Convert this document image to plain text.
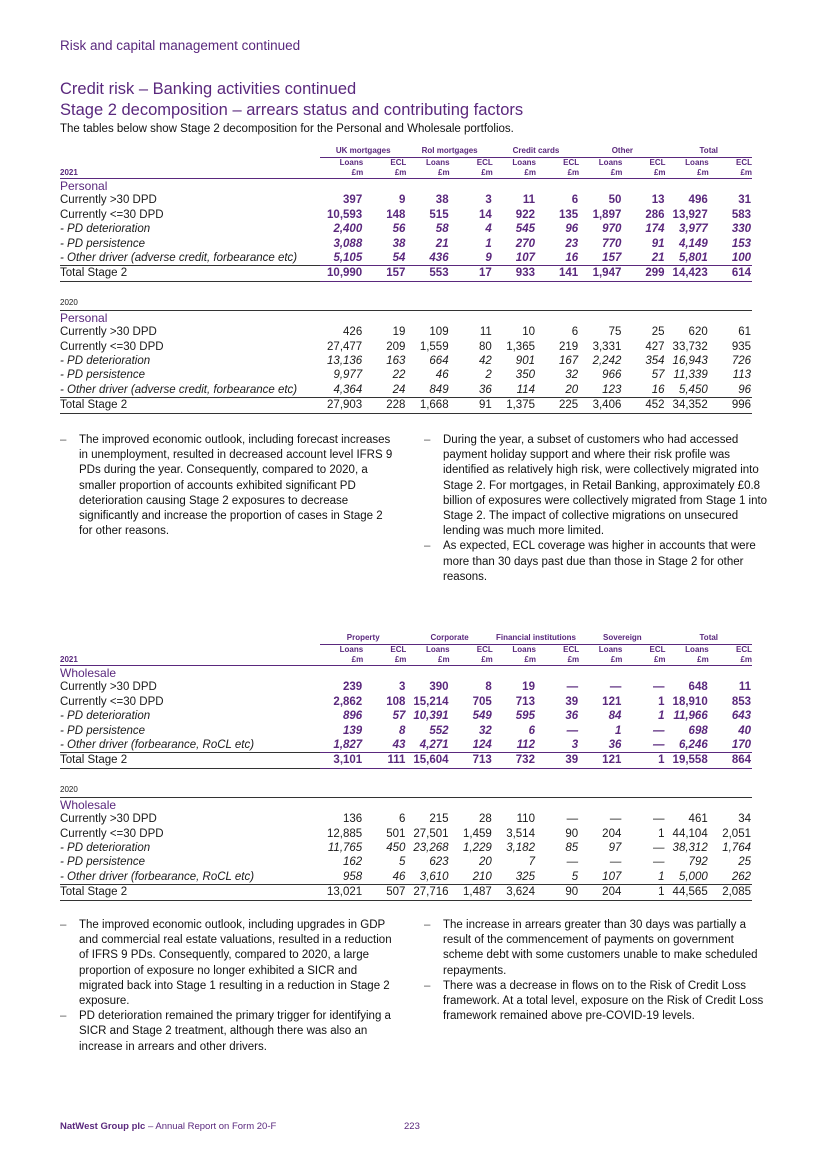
Risk and capital management continued
Credit risk – Banking activities continued
Stage 2 decomposition – arrears status and contributing factors
The tables below show Stage 2 decomposition for the Personal and Wholesale portfolios.
	UK mortgages		RoI mortgages		Credit cards		Other		Total	
	Loans	ECL	Loans	ECL	Loans	ECL	Loans	ECL	Loans	ECL
2021	£m	£m	£m	£m	£m	£m	£m	£m	£m	£m
Personal										
Currently >30 DPD	397	9	38	3	11	6	50	13	496	31
Currently <=30 DPD	10,593	148	515	14	922	135	1,897	286	13,927	583
- PD deterioration	2,400	56	58	4	545	96	970	174	3,977	330
- PD persistence	3,088	38	21	1	270	23	770	91	4,149	153
- Other driver (adverse credit, forbearance etc)	5,105	54	436	9	107	16	157	21	5,801	100
Total Stage 2	10,990	157	553	17	933	141	1,947	299	14,423	614

2020										
Personal										
Currently >30 DPD	426	19	109	11	10	6	75	25	620	61
Currently <=30 DPD	27,477	209	1,559	80	1,365	219	3,331	427	33,732	935
- PD deterioration	13,136	163	664	42	901	167	2,242	354	16,943	726
- PD persistence	9,977	22	46	2	350	32	966	57	11,339	113
- Other driver (adverse credit, forbearance etc)	4,364	24	849	36	114	20	123	16	5,450	96
Total Stage 2	27,903	228	1,668	91	1,375	225	3,406	452	34,352	996
– The improved economic outlook, including forecast increases in unemployment, resulted in decreased account level IFRS 9 PDs during the year. Consequently, compared to 2020, a smaller proportion of accounts exhibited significant PD deterioration causing Stage 2 exposures to decrease significantly and increase the proportion of cases in Stage 2 for other reasons.
– During the year, a subset of customers who had accessed payment holiday support and where their risk profile was identified as relatively high risk, were collectively migrated into Stage 2. For mortgages, in Retail Banking, approximately £0.8 billion of exposures were collectively migrated from Stage 1 into Stage 2. The impact of collective migrations on unsecured lending was much more limited.
– As expected, ECL coverage was higher in accounts that were more than 30 days past due than those in Stage 2 for other reasons.
	Property		Corporate		Financial institutions		Sovereign		Total	
	Loans	ECL	Loans	ECL	Loans	ECL	Loans	ECL	Loans	ECL
2021	£m	£m	£m	£m	£m	£m	£m	£m	£m	£m
Wholesale										
Currently >30 DPD	239	3	390	8	19	—	—	—	648	11
Currently <=30 DPD	2,862	108	15,214	705	713	39	121	1	18,910	853
- PD deterioration	896	57	10,391	549	595	36	84	1	11,966	643
- PD persistence	139	8	552	32	6	—	1	—	698	40
- Other driver (forbearance, RoCL etc)	1,827	43	4,271	124	112	3	36	—	6,246	170
Total Stage 2	3,101	111	15,604	713	732	39	121	1	19,558	864

2020										
Wholesale										
Currently >30 DPD	136	6	215	28	110	—	—	—	461	34
Currently <=30 DPD	12,885	501	27,501	1,459	3,514	90	204	1	44,104	2,051
- PD deterioration	11,765	450	23,268	1,229	3,182	85	97	—	38,312	1,764
- PD persistence	162	5	623	20	7	—	—	—	792	25
- Other driver (forbearance, RoCL etc)	958	46	3,610	210	325	5	107	1	5,000	262
Total Stage 2	13,021	507	27,716	1,487	3,624	90	204	1	44,565	2,085
– The improved economic outlook, including upgrades in GDP and commercial real estate valuations, resulted in a reduction of IFRS 9 PDs. Consequently, compared to 2020, a large proportion of exposure no longer exhibited a SICR and migrated back into Stage 1 resulting in a reduction in Stage 2 exposure.
– PD deterioration remained the primary trigger for identifying a SICR and Stage 2 treatment, although there was also an increase in arrears and other drivers.
– The increase in arrears greater than 30 days was partially a result of the commencement of payments on government scheme debt with some customers unable to make scheduled repayments.
– There was a decrease in flows on to the Risk of Credit Loss framework. At a total level, exposure on the Risk of Credit Loss framework remained above pre-COVID-19 levels.
NatWest Group plc – Annual Report on Form 20-F	223
